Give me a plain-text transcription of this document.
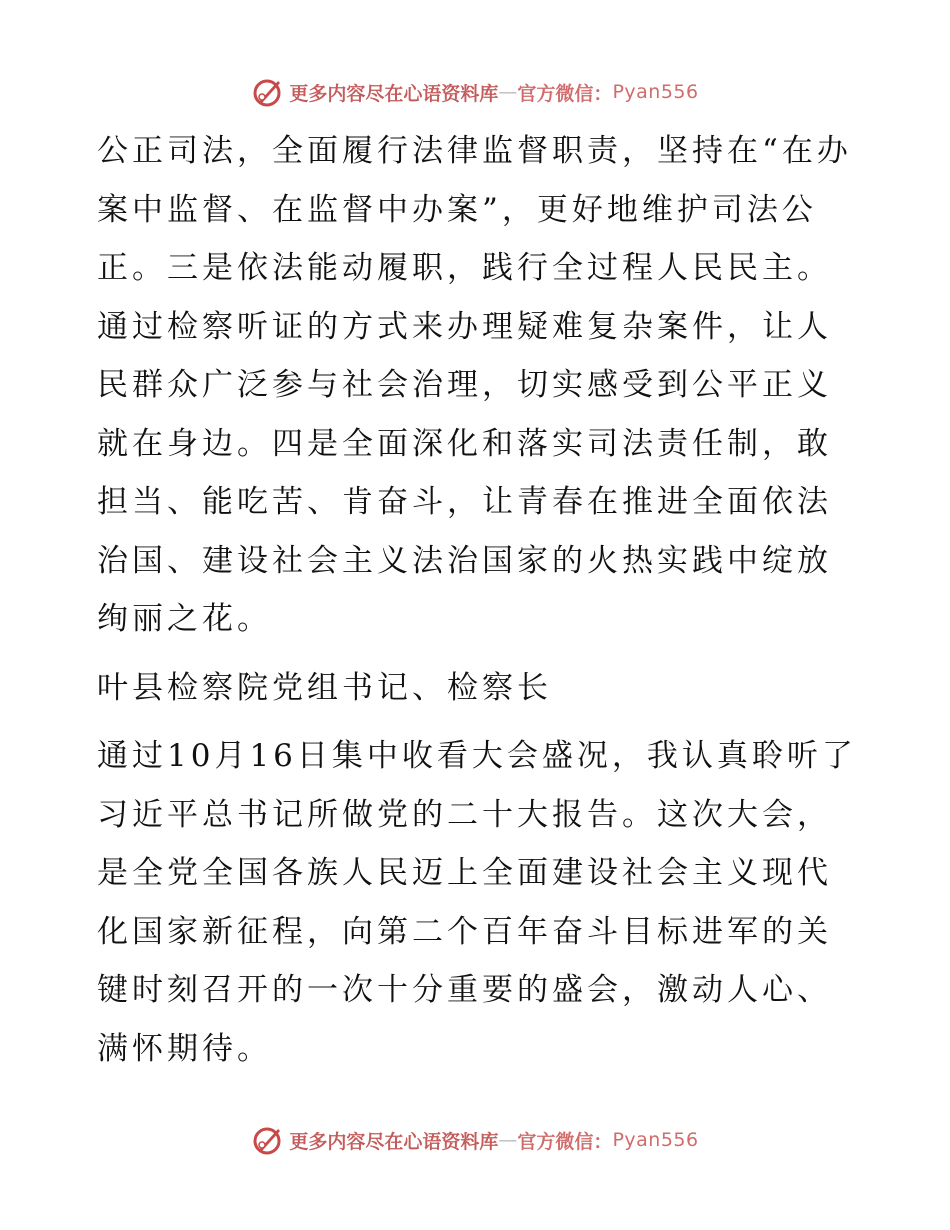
更多内容尽在心语资料库 — 官方微信： Pyan556

公正司法，全面履行法律监督职责，坚持在“在办案中监督、在监督中办案”，更好地维护司法公正。三是依法能动履职，践行全过程人民民主。通过检察听证的方式来办理疑难复杂案件，让人民群众广泛参与社会治理，切实感受到公平正义就在身边。四是全面深化和落实司法责任制，敢担当、能吃苦、肯奋斗，让青春在推进全面依法治国、建设社会主义法治国家的火热实践中绽放绚丽之花。

叶县检察院党组书记、检察长

通过10月16日集中收看大会盛况，我认真聆听了习近平总书记所做党的二十大报告。这次大会，是全党全国各族人民迈上全面建设社会主义现代化国家新征程，向第二个百年奋斗目标进军的关键时刻召开的一次十分重要的盛会，激动人心、满怀期待。

更多内容尽在心语资料库 — 官方微信： Pyan556
